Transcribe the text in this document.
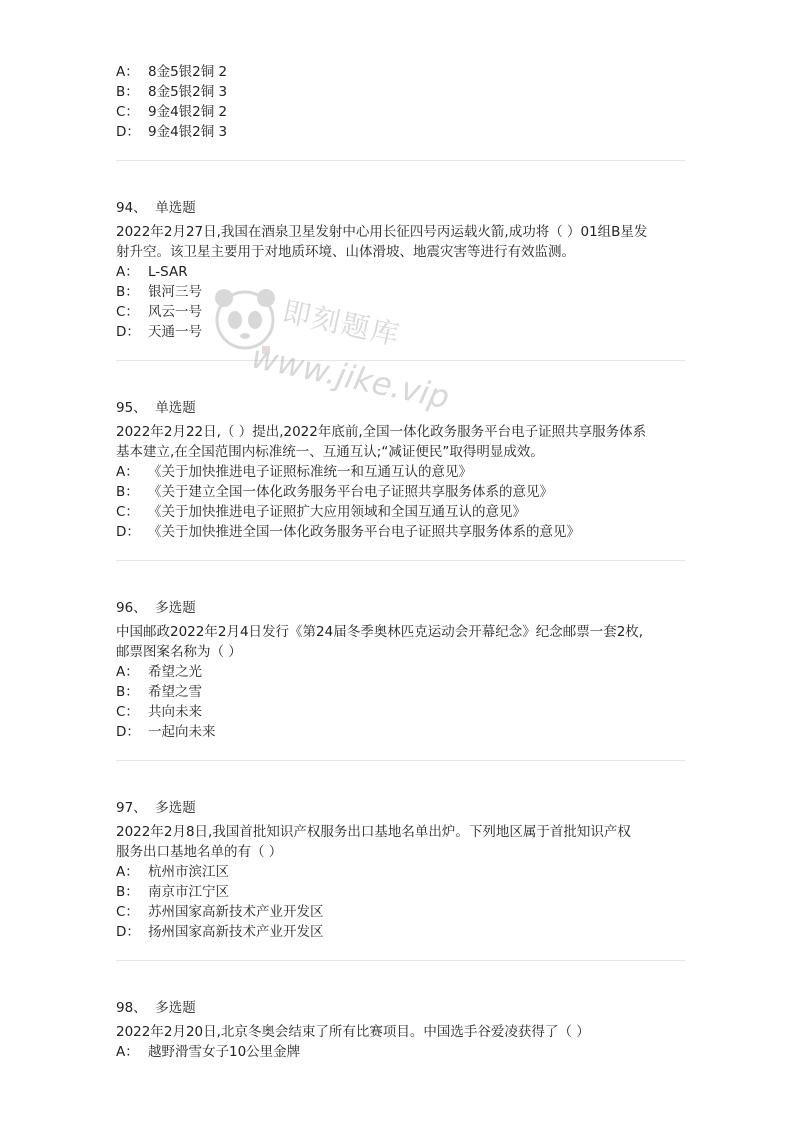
A： 8金5银2铜 2
B： 8金5银2铜 3
C： 9金4银2铜 2
D： 9金4银2铜 3
94、 单选题
2022年2月27日,我国在酒泉卫星发射中心用长征四号丙运载火箭,成功将（ ）01组B星发
射升空。该卫星主要用于对地质环境、山体滑坡、地震灾害等进行有效监测。
A： L-SAR
B： 银河三号
C： 风云一号
D： 天通一号
95、 单选题
2022年2月22日,（ ）提出,2022年底前,全国一体化政务服务平台电子证照共享服务体系
基本建立,在全国范围内标准统一、互通互认;“减证便民”取得明显成效。
A： 《关于加快推进电子证照标准统一和互通互认的意见》
B： 《关于建立全国一体化政务服务平台电子证照共享服务体系的意见》
C： 《关于加快推进电子证照扩大应用领域和全国互通互认的意见》
D： 《关于加快推进全国一体化政务服务平台电子证照共享服务体系的意见》
96、 多选题
中国邮政2022年2月4日发行《第24届冬季奥林匹克运动会开幕纪念》纪念邮票一套2枚,
邮票图案名称为（ ）
A： 希望之光
B： 希望之雪
C： 共向未来
D： 一起向未来
97、 多选题
2022年2月8日,我国首批知识产权服务出口基地名单出炉。下列地区属于首批知识产权
服务出口基地名单的有（ ）
A： 杭州市滨江区
B： 南京市江宁区
C： 苏州国家高新技术产业开发区
D： 扬州国家高新技术产业开发区
98、 多选题
2022年2月20日,北京冬奥会结束了所有比赛项目。中国选手谷爱凌获得了（ ）
A： 越野滑雪女子10公里金牌
即刻题库
www.jike.vip
